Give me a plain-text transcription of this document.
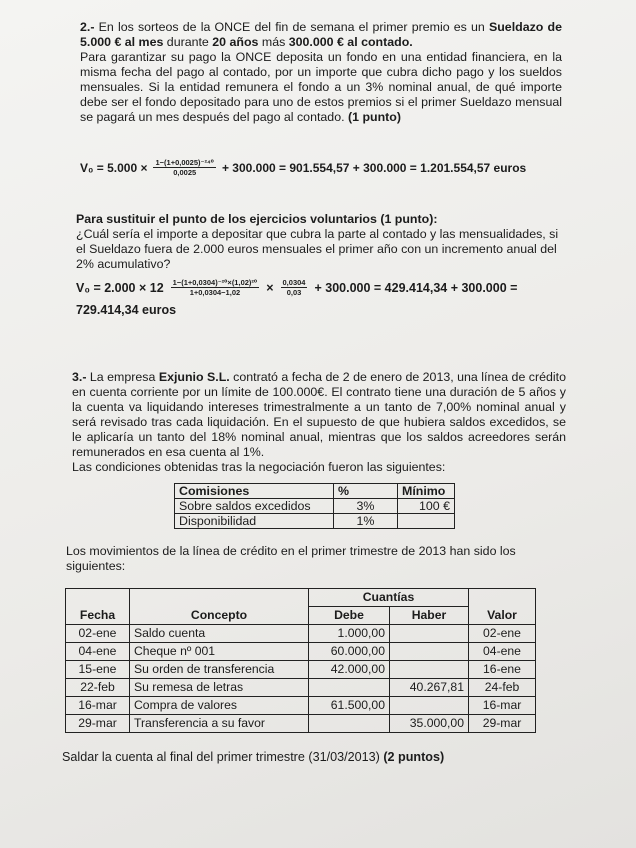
2.- En los sorteos de la ONCE del fin de semana el primer premio es un Sueldazo de 5.000 € al mes durante 20 años más 300.000 € al contado.

Para garantizar su pago la ONCE deposita un fondo en una entidad financiera, en la misma fecha del pago al contado, por un importe que cubra dicho pago y los sueldos mensuales. Si la entidad remunera el fondo a un 3% nominal anual, de qué importe debe ser el fondo depositado para uno de estos premios si el primer Sueldazo mensual se pagará un mes después del pago al contado. (1 punto)

$V_0 = 5.000 \times \frac{\text{1−(1+0,0025)⁻²⁴⁰}}{0,0025} + 300.000 = 901.554,57 + 300.000 = 1.201.554,57$ euros

Para sustituir el punto de los ejercicios voluntarios (1 punto):

¿Cuál sería el importe a depositar que cubra la parte al contado y las mensualidades, si el Sueldazo fuera de 2.000 euros mensuales el primer año con un incremento anual del 2% acumulativo?

$V_0 = 2.000 \times 12 \frac{\text{1−(1+0,0304)⁻²⁰×(1,02)²⁰}}{1+0,0304-1,02} \times \frac{0,0304}{0,03} + 300.000 = 429.414,34 + 300.000$ =
729.414,34 euros

3.- La empresa Exjunio S.L. contrató a fecha de 2 de enero de 2013, una línea de crédito en cuenta corriente por un límite de 100.000€. El contrato tiene una duración de 5 años y la cuenta va liquidando intereses trimestralmente a un tanto de 7,00% nominal anual y será revisado tras cada liquidación. En el supuesto de que hubiera saldos excedidos, se le aplicaría un tanto del 18% nominal anual, mientras que los saldos acreedores serán remunerados en esa cuenta al 1%.

Las condiciones obtenidas tras la negociación fueron las siguientes:

Comisiones	%	Mínimo
Sobre saldos excedidos	3%	100 €
Disponibilidad	1%	
Los movimientos de la línea de crédito en el primer trimestre de 2013 han sido los siguientes:
Fecha	Concepto	Cuantías		Valor
		Debe	Haber	
02-ene	Saldo cuenta	1.000,00		02-ene
04-ene	Cheque nº 001	60.000,00		04-ene
15-ene	Su orden de transferencia	42.000,00		16-ene
22-feb	Su remesa de letras		40.267,81	24-feb
16-mar	Compra de valores	61.500,00		16-mar
29-mar	Transferencia a su favor		35.000,00	29-mar
Saldar la cuenta al final del primer trimestre (31/03/2013) (2 puntos)
